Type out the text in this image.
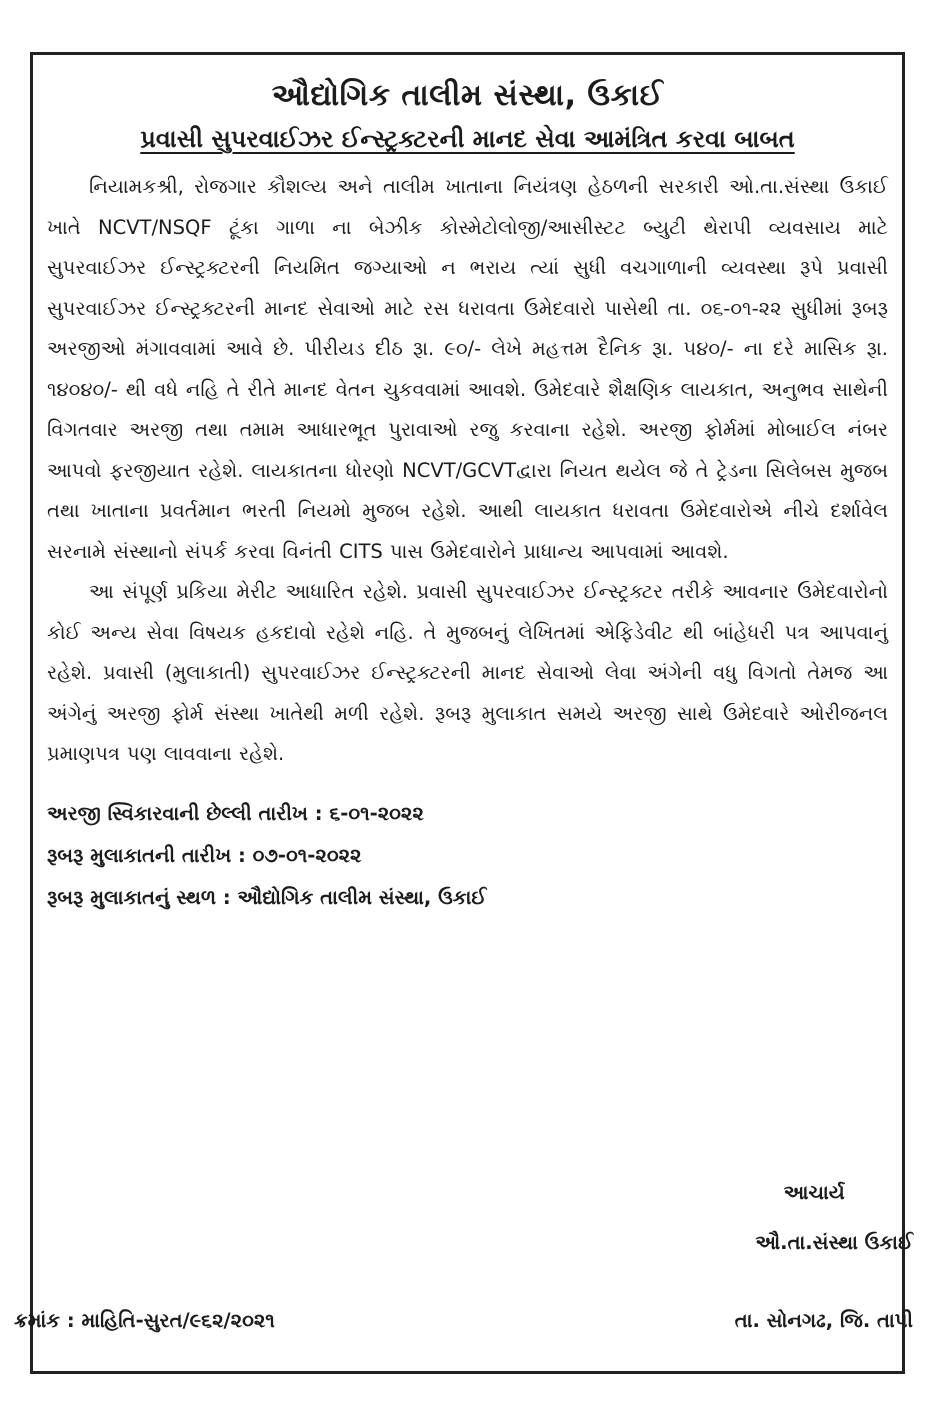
ઔદ્યોગિક તાલીમ સંસ્થા, ઉકાઈ
પ્રવાસી સુપરવાઈઝર ઈન્સ્ટ્રક્ટરની માનદ સેવા આમંત્રિત કરવા બાબત

નિયામકશ્રી, રોજગાર કૌશલ્ય અને તાલીમ ખાતાના નિયંત્રણ હેઠળની સરકારી ઓ.તા.સંસ્થા ઉકાઈ ખાતે NCVT/NSQF ટૂંકા ગાળા ના બેઝીક કોસ્મેટોલોજી/આસીસ્ટટ બ્યુટી થેરાપી વ્યવસાય માટે સુપરવાઈઝર ઈન્સ્ટ્રક્ટરની નિયમિત જગ્યાઓ ન ભરાય ત્યાં સુધી વચગાળાની વ્યવસ્થા રૂપે પ્રવાસી સુપરવાઈઝર ઈન્સ્ટ્રક્ટરની માનદ સેવાઓ માટે રસ ધરાવતા ઉમેદવારો પાસેથી તા. ૦૬-૦૧-૨૨ સુધીમાં રૂબરૂ અરજીઓ મંગાવવામાં આવે છે. પીરીયડ દીઠ રૂા. ૯૦/- લેખે મહત્તમ દૈનિક રૂા. ૫૪૦/- ના દરે માસિક રૂા. ૧૪૦૪૦/- થી વધે નહિ તે રીતે માનદ વેતન ચુકવવામાં આવશે. ઉમેદવારે શૈક્ષણિક લાયકાત, અનુભવ સાથેની વિગતવાર અરજી તથા તમામ આધારભૂત પુરાવાઓ રજુ કરવાના રહેશે. અરજી ફોર્મમાં મોબાઈલ નંબર આપવો ફરજીયાત રહેશે. લાયકાતના ધોરણો NCVT/GCVTદ્વારા નિયત થયેલ જે તે ટ્રેડના સિલેબસ મુજબ તથા ખાતાના પ્રવર્તમાન ભરતી નિયમો મુજબ રહેશે. આથી લાયકાત ધરાવતા ઉમેદવારોએ નીચે દર્શાવેલ સરનામે સંસ્થાનો સંપર્ક કરવા વિનંતી CITS પાસ ઉમેદવારોને પ્રાધાન્ય આપવામાં આવશે.

આ સંપૂર્ણ પ્રકિયા મેરીટ આધારિત રહેશે. પ્રવાસી સુપરવાઈઝર ઈન્સ્ટ્રક્ટર તરીકે આવનાર ઉમેદવારોનો કોઈ અન્ય સેવા વિષયક હકદાવો રહેશે નહિ. તે મુજબનું લેખિતમાં એફિડેવીટ થી બાંહેધરી પત્ર આપવાનું રહેશે. પ્રવાસી (મુલાકાતી) સુપરવાઈઝર ઈન્સ્ટ્રક્ટરની માનદ સેવાઓ લેવા અંગેની વધુ વિગતો તેમજ આ અંગેનું અરજી ફોર્મ સંસ્થા ખાતેથી મળી રહેશે. રૂબરૂ મુલાકાત સમયે અરજી સાથે ઉમેદવારે ઓરીજનલ પ્રમાણપત્ર પણ લાવવાના રહેશે.

અરજી સ્વિકારવાની છેલ્લી તારીખ : ૬-૦૧-૨૦૨૨
રૂબરૂ મુલાકાતની તારીખ : ૦૭-૦૧-૨૦૨૨
રૂબરૂ મુલાકાતનું સ્થળ : ઔદ્યોગિક તાલીમ સંસ્થા, ઉકાઈ
આચાર્ય
ઔ.તા.સંસ્થા ઉકાઈ
ક્રમાંક : માહિતિ-સુરત/૯૬૨/૨૦૨૧	તા. સોનગઢ, જિ. તાપી
